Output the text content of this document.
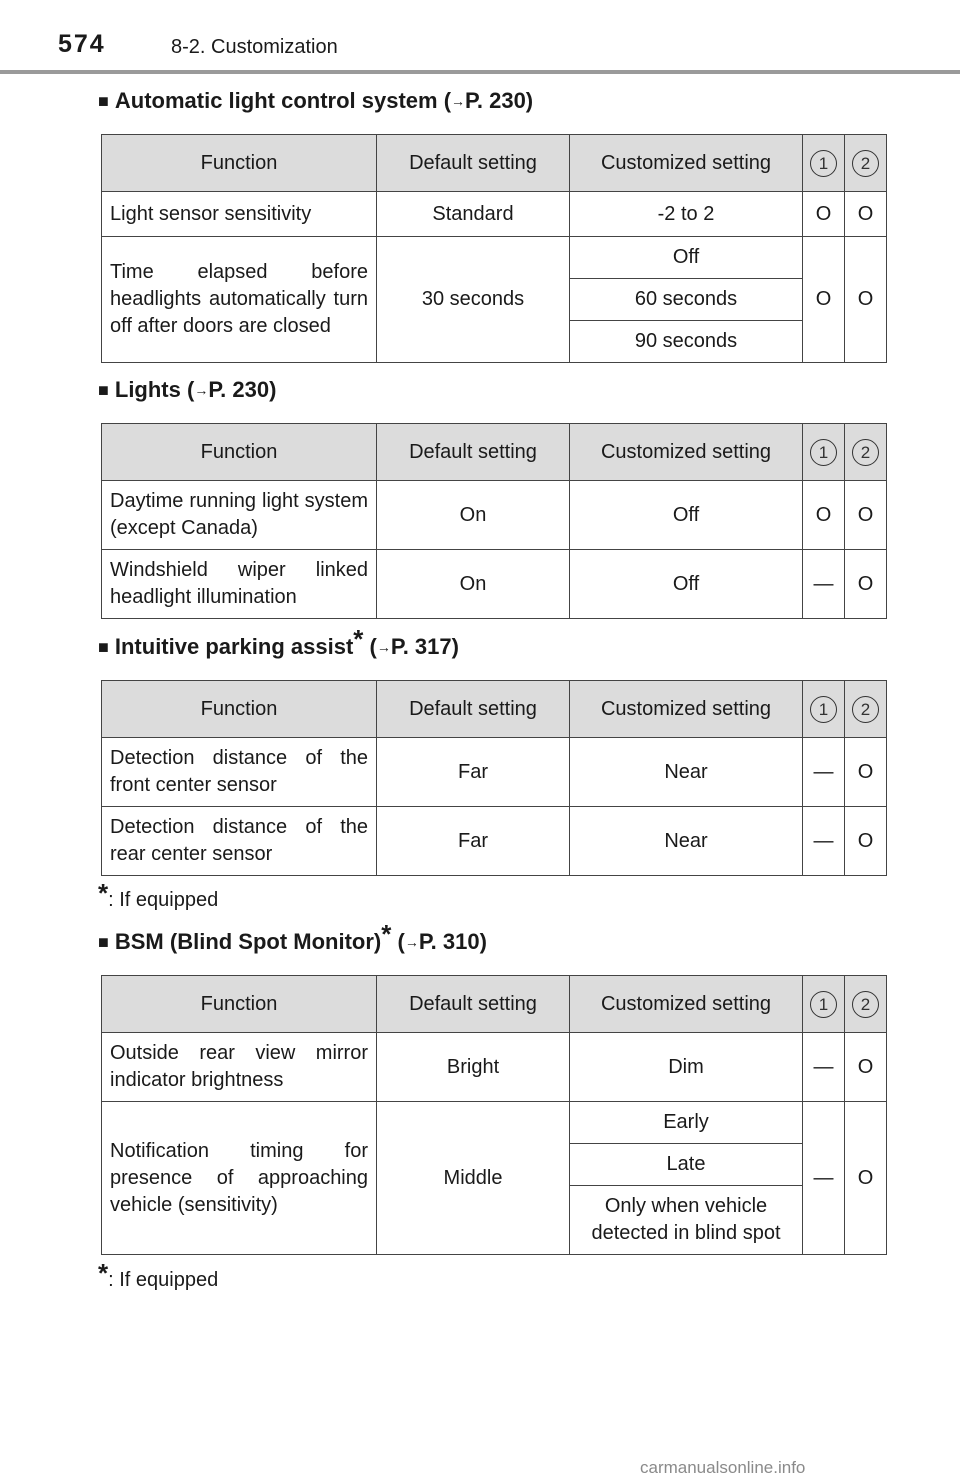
574	8-2. Customization
■ Automatic light control system (→P. 230)
Function	Default setting	Customized setting	1	2
Light sensor sensitivity	Standard	-2 to 2	O	O
Time elapsed before headlights automatically turn off after doors are closed	30 seconds	Off	O	O
		60 seconds		
		90 seconds		
■ Lights (→P. 230)
Function	Default setting	Customized setting	1	2
Daytime running light system (except Canada)	On	Off	O	O
Windshield wiper linked headlight illumination	On	Off	—	O
■ Intuitive parking assist* (→P. 317)
Function	Default setting	Customized setting	1	2
Detection distance of the front center sensor	Far	Near	—	O
Detection distance of the rear center sensor	Far	Near	—	O
*: If equipped
■ BSM (Blind Spot Monitor)* (→P. 310)
Function	Default setting	Customized setting	1	2
Outside rear view mirror indicator brightness	Bright	Dim	—	O
Notification timing for presence of approaching vehicle (sensitivity)	Middle	Early	—	O
		Late		
		Only when vehicle detected in blind spot		
*: If equipped
carmanualsonline.info
